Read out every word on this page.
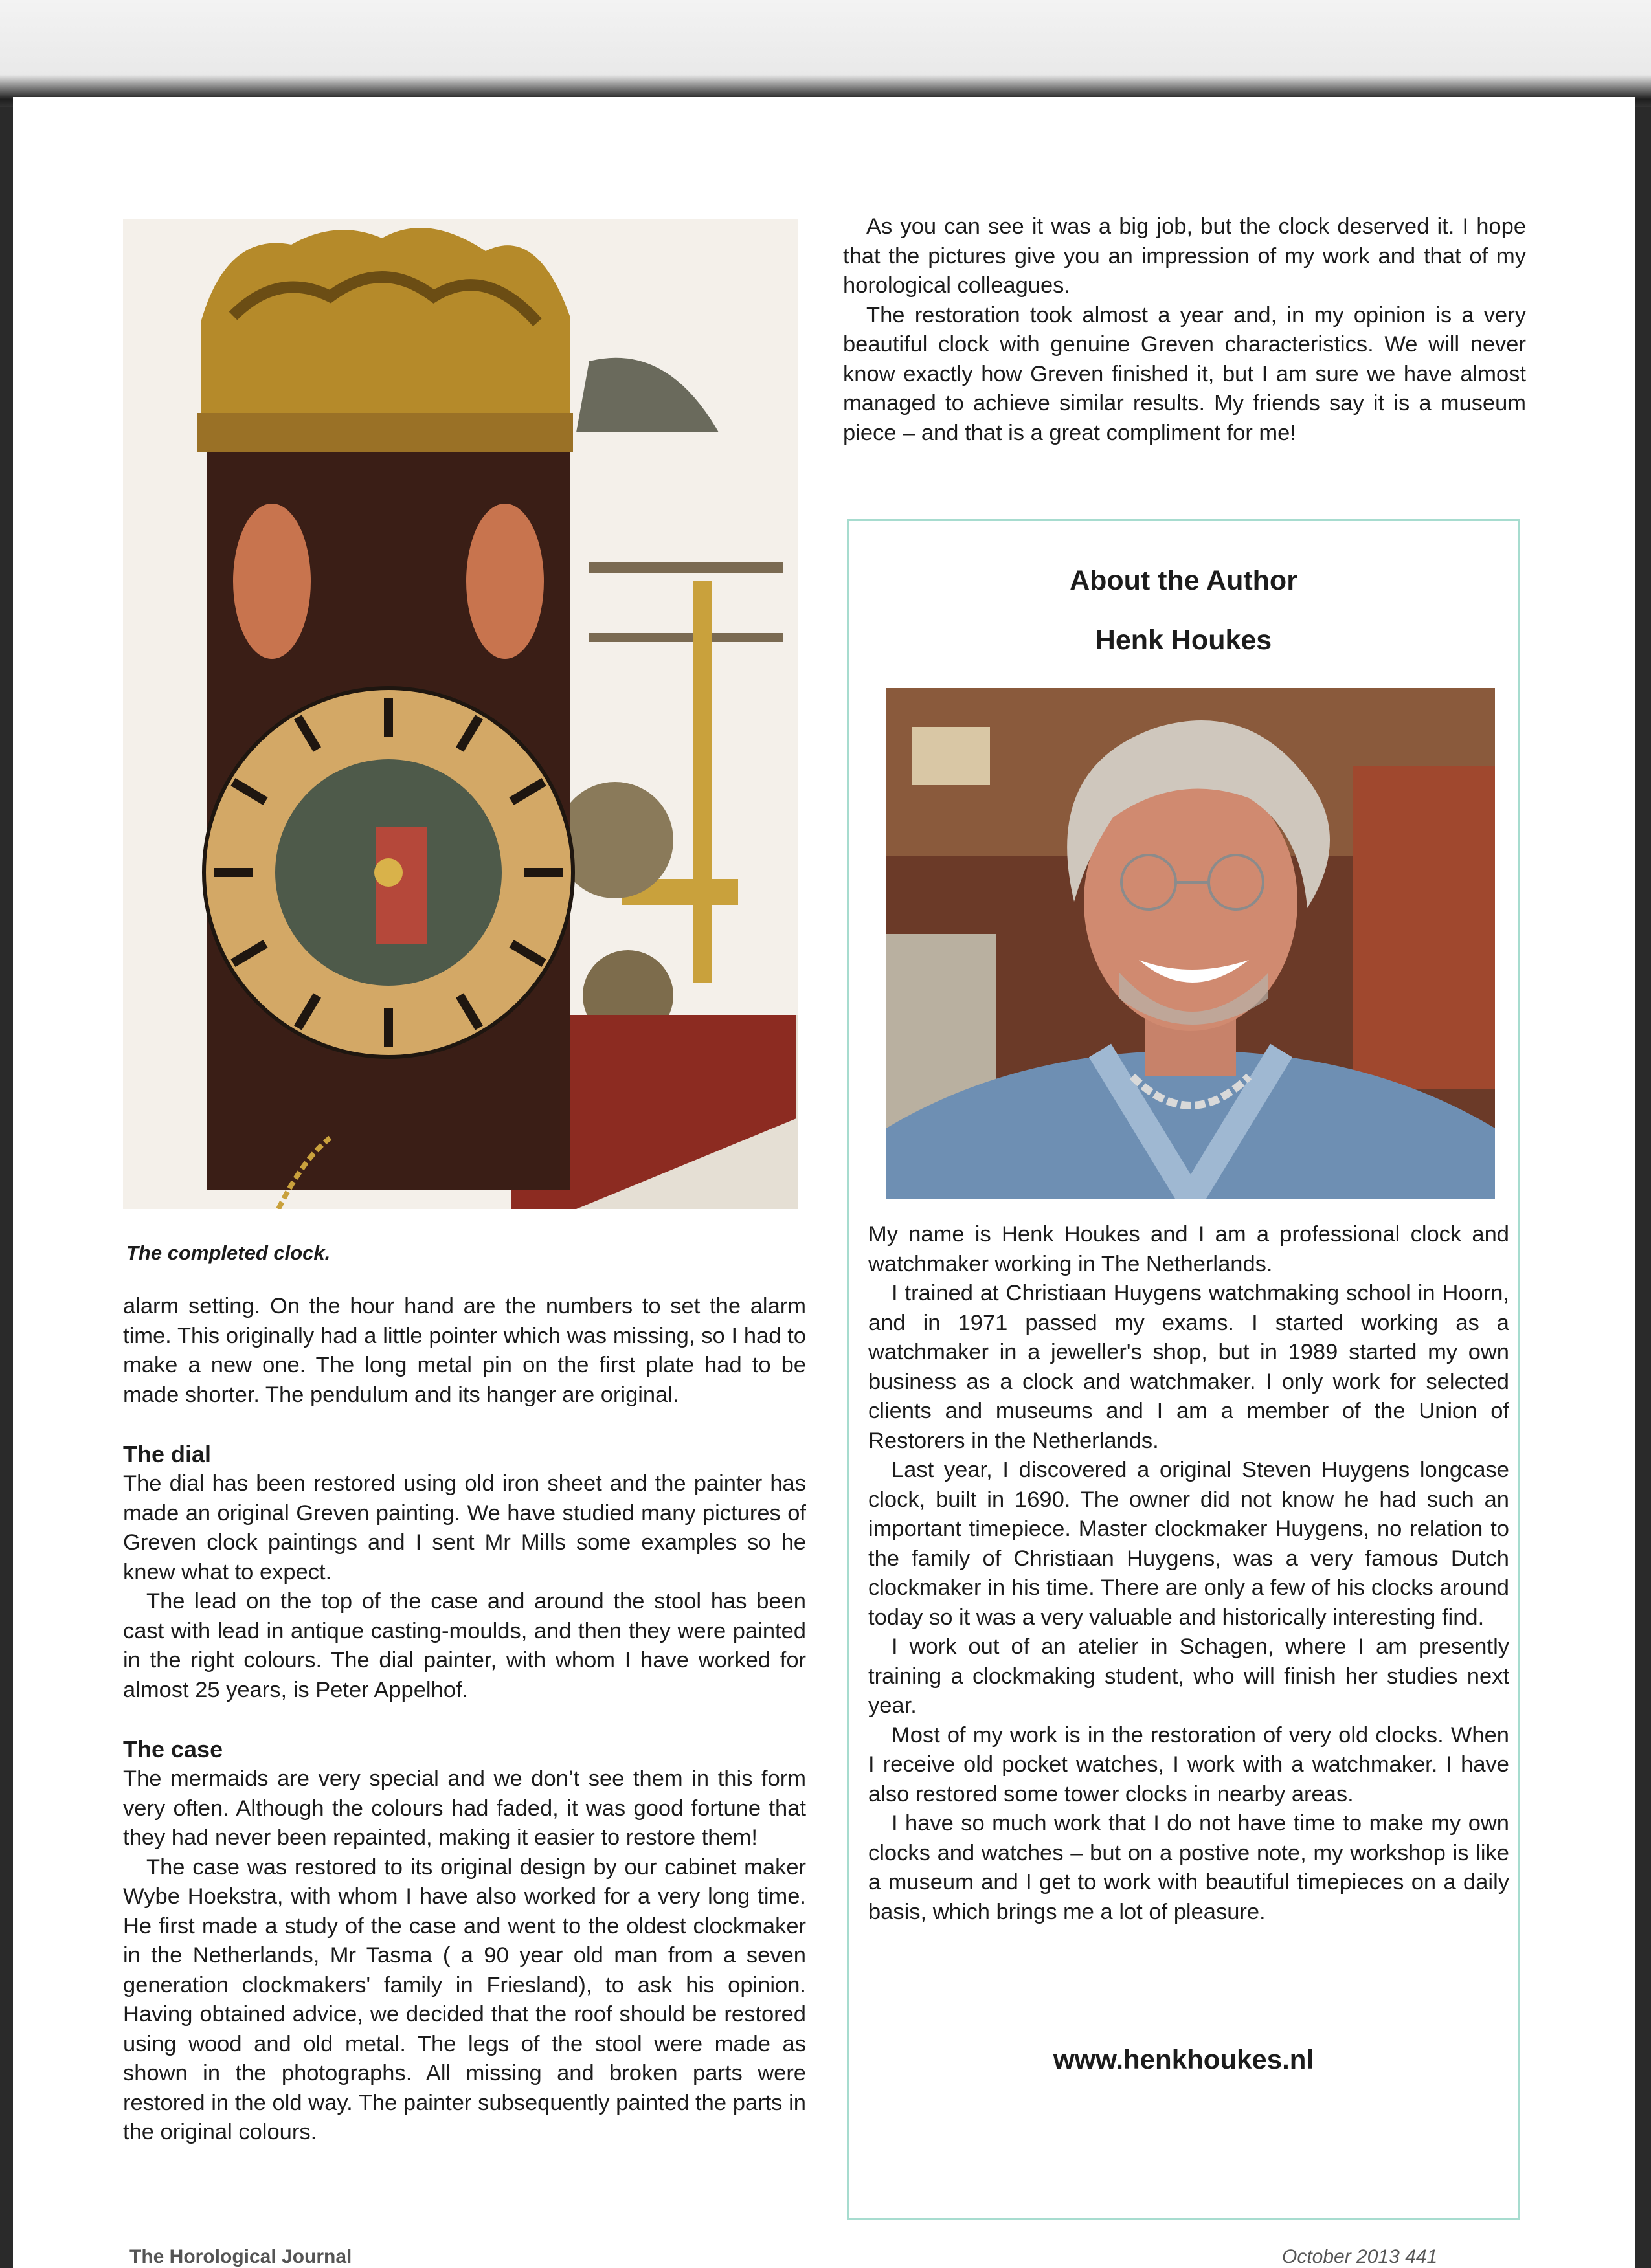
The completed clock.

alarm setting. On the hour hand are the numbers to set the alarm time. This originally had a little pointer which was missing, so I had to make a new one. The long metal pin on the first plate had to be made shorter. The pendulum and its hanger are original.

The dial

The dial has been restored using old iron sheet and the painter has made an original Greven painting. We have studied many pictures of Greven clock paintings and I sent Mr Mills some examples so he knew what to expect.

The lead on the top of the case and around the stool has been cast with lead in antique casting-moulds, and then they were painted in the right colours. The dial painter, with whom I have worked for almost 25 years, is Peter Appelhof.

The case

The mermaids are very special and we don’t see them in this form very often. Although the colours had faded, it was good fortune that they had never been repainted, making it easier to restore them!

The case was restored to its original design by our cabinet maker Wybe Hoekstra, with whom I have also worked for a very long time. He first made a study of the case and went to the oldest clockmaker in the Netherlands, Mr Tasma ( a 90 year old man from a seven generation clockmakers' family in Friesland), to ask his opinion. Having obtained advice, we decided that the roof should be restored using wood and old metal. The legs of the stool were made as shown in the photographs. All missing and broken parts were restored in the old way. The painter subsequently painted the parts in the original colours.

As you can see it was a big job, but the clock deserved it. I hope that the pictures give you an impression of my work and that of my horological colleagues.

The restoration took almost a year and, in my opinion is a very beautiful clock with genuine Greven characteristics. We will never know exactly how Greven finished it, but I am sure we have almost managed to achieve similar results. My friends say it is a museum piece – and that is a great compliment for me!

About the Author
Henk Houkes

My name is Henk Houkes and I am a professional clock and watchmaker working in The Netherlands.

I trained at Christiaan Huygens watchmaking school in Hoorn, and in 1971 passed my exams. I started working as a watchmaker in a jeweller's shop, but in 1989 started my own business as a clock and watchmaker. I only work for selected clients and museums and I am a member of the Union of Restorers in the Netherlands.

Last year, I discovered a original Steven Huygens longcase clock, built in 1690. The owner did not know he had such an important timepiece. Master clockmaker Huygens, no relation to the family of Christiaan Huygens, was a very famous Dutch clockmaker in his time. There are only a few of his clocks around today so it was a very valuable and historically interesting find.

I work out of an atelier in Schagen, where I am presently training a clockmaking student, who will finish her studies next year.

Most of my work is in the restoration of very old clocks. When I receive old pocket watches, I work with a watchmaker. I have also restored some tower clocks in nearby areas.

I have so much work that I do not have time to make my own clocks and watches – but on a postive note, my workshop is like a museum and I get to work with beautiful timepieces on a daily basis, which brings me a lot of pleasure.

www.henkhoukes.nl
The Horological Journal	October 2013 441
